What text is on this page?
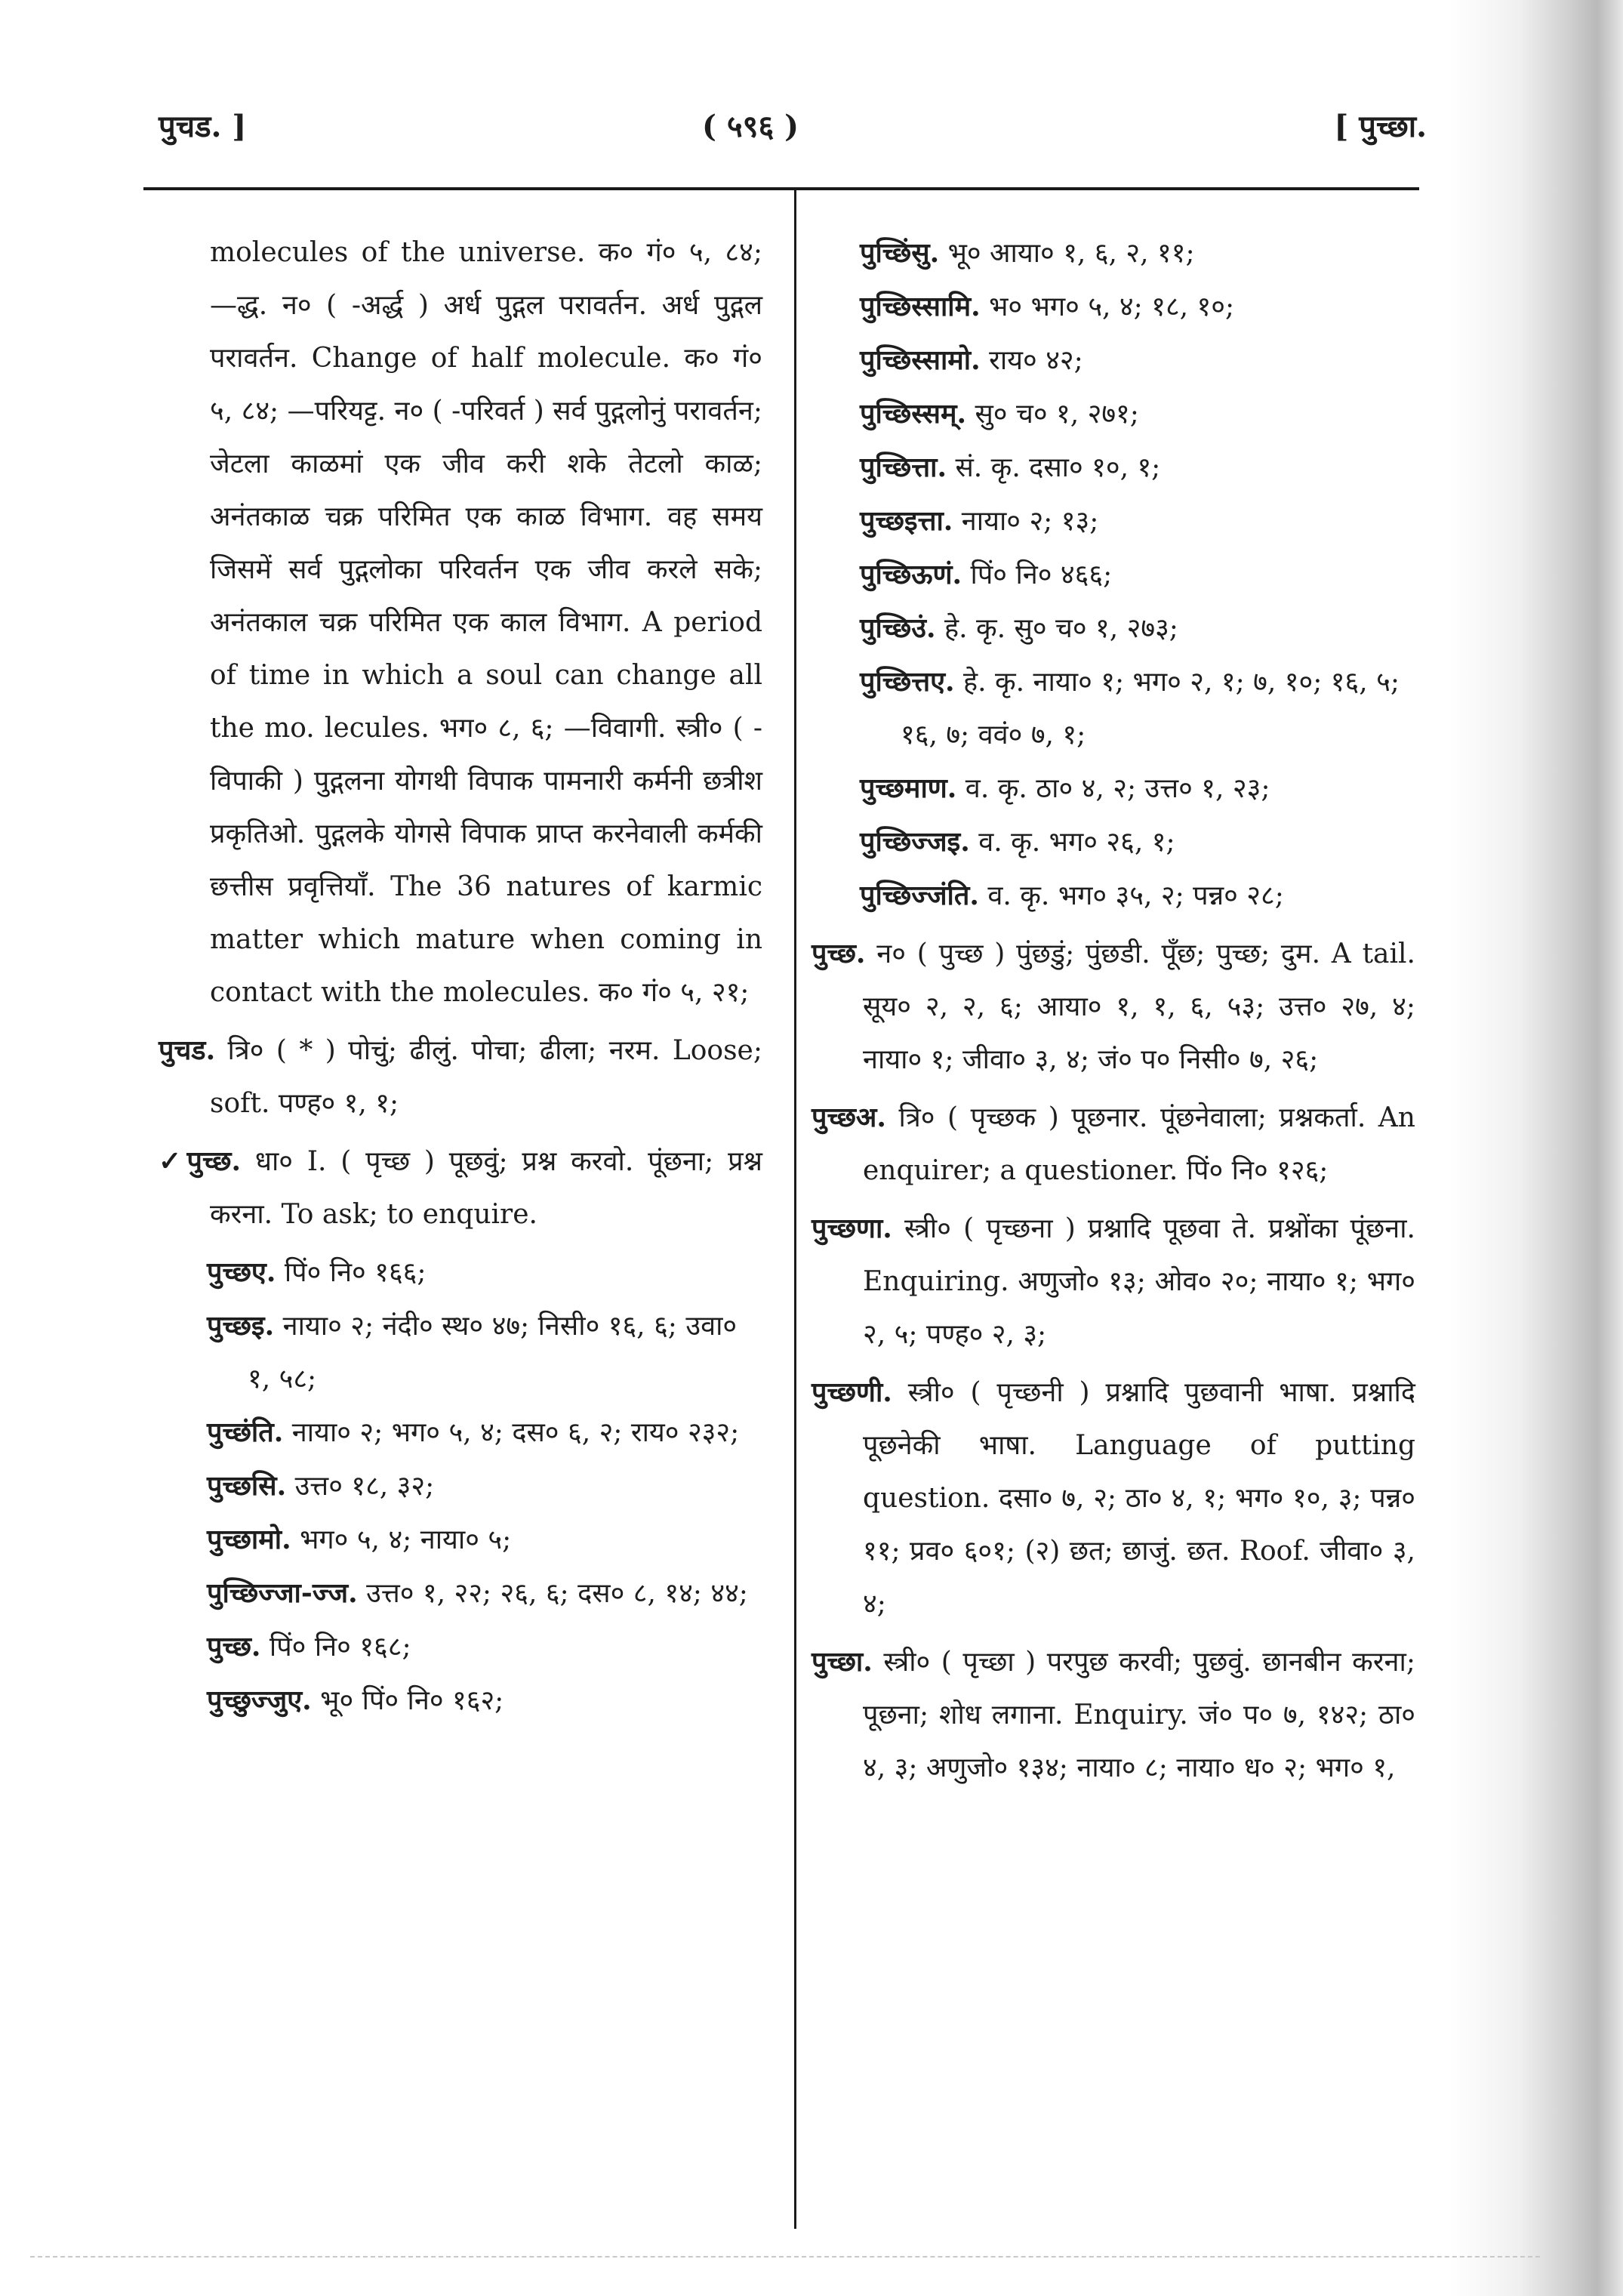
पुचड. ]	( ५९६ )	[ पुच्छा.

molecules of the universe. क० गं० ५, ८४; —द्ध. न० ( -अर्द्ध ) अर्ध पुद्गल परावर्तन. अर्ध पुद्गल परावर्तन. Change of half molecule. क० गं० ५, ८४; —परियट्ट. न० ( -परिवर्त ) सर्व पुद्गलोनुं परावर्तन; जेटला काळमां एक जीव करी शके तेटलो काळ; अनंतकाळ चक्र परिमित एक काळ विभाग. वह समय जिसमें सर्व पुद्गलोका परिवर्तन एक जीव करले सके; अनंतकाल चक्र परिमित एक काल विभाग. A period of time in which a soul can change all the mo. lecules. भग० ८, ६; —विवागी. स्त्री० ( -विपाकी ) पुद्गलना योगथी विपाक पामनारी कर्मनी छत्रीश प्रकृतिओ. पुद्गलके योगसे विपाक प्राप्त करनेवाली कर्मकी छत्तीस प्रवृत्तियाँ. The 36 natures of karmic matter which mature when coming in contact with the molecules. क० गं० ५, २१;

पुचड. त्रि० ( * ) पोचुं; ढीलुं. पोचा; ढीला; नरम. Loose; soft. पण्ह० १, १;

✓पुच्छ. धा० I. ( पृच्छ ) पूछवुं; प्रश्न करवो. पूंछना; प्रश्न करना. To ask; to enquire.

पुच्छए. पिं० नि० १६६;

पुच्छइ. नाया० २; नंदी० स्थ० ४७; निसी० १६, ६; उवा० १, ५८;

पुच्छंति. नाया० २; भग० ५, ४; दस० ६, २; राय० २३२;

पुच्छसि. उत्त० १८, ३२;

पुच्छामो. भग० ५, ४; नाया० ५;

पुच्छिज्जा-ज्ज. उत्त० १, २२; २६, ६; दस० ८, १४; ४४;

पुच्छ. पिं० नि० १६८;

पुच्छुज्जुए. भू० पिं० नि० १६२;

पुच्छिंसु. भू० आया० १, ६, २, ११;

पुच्छिस्सामि. भ० भग० ५, ४; १८, १०;

पुच्छिस्सामो. राय० ४२;

पुच्छिस्सम्. सु० च० १, २७१;

पुच्छित्ता. सं. कृ. दसा० १०, १;

पुच्छइत्ता. नाया० २; १३;

पुच्छिऊणं. पिं० नि० ४६६;

पुच्छिउं. हे. कृ. सु० च० १, २७३;

पुच्छित्तए. हे. कृ. नाया० १; भग० २, १; ७, १०; १६, ५; १६, ७; ववं० ७, १;

पुच्छमाण. व. कृ. ठा० ४, २; उत्त० १, २३;

पुच्छिज्जइ. व. कृ. भग० २६, १;

पुच्छिज्जंति. व. कृ. भग० ३५, २; पन्न० २८;

पुच्छ. न० ( पुच्छ ) पुंछडुं; पुंछडी. पूँछ; पुच्छ; दुम. A tail. सूय० २, २, ६; आया० १, १, ६, ५३; उत्त० २७, ४; नाया० १; जीवा० ३, ४; जं० प० निसी० ७, २६;

पुच्छअ. त्रि० ( पृच्छक ) पूछनार. पूंछनेवाला; प्रश्नकर्ता. An enquirer; a questioner. पिं० नि० १२६;

पुच्छणा. स्त्री० ( पृच्छना ) प्रश्नादि पूछवा ते. प्रश्नोंका पूंछना. Enquiring. अणुजो० १३; ओव० २०; नाया० १; भग० २, ५; पण्ह० २, ३;

पुच्छणी. स्त्री० ( पृच्छनी ) प्रश्नादि पुछवानी भाषा. प्रश्नादि पूछनेकी भाषा. Language of putting question. दसा० ७, २; ठा० ४, १; भग० १०, ३; पन्न० ११; प्रव० ६०१; (२) छत; छाजुं. छत. Roof. जीवा० ३, ४;

पुच्छा. स्त्री० ( पृच्छा ) परपुछ करवी; पुछवुं. छानबीन करना; पूछना; शोध लगाना. Enquiry. जं० प० ७, १४२; ठा० ४, ३; अणुजो० १३४; नाया० ८; नाया० ध० २; भग० १,
